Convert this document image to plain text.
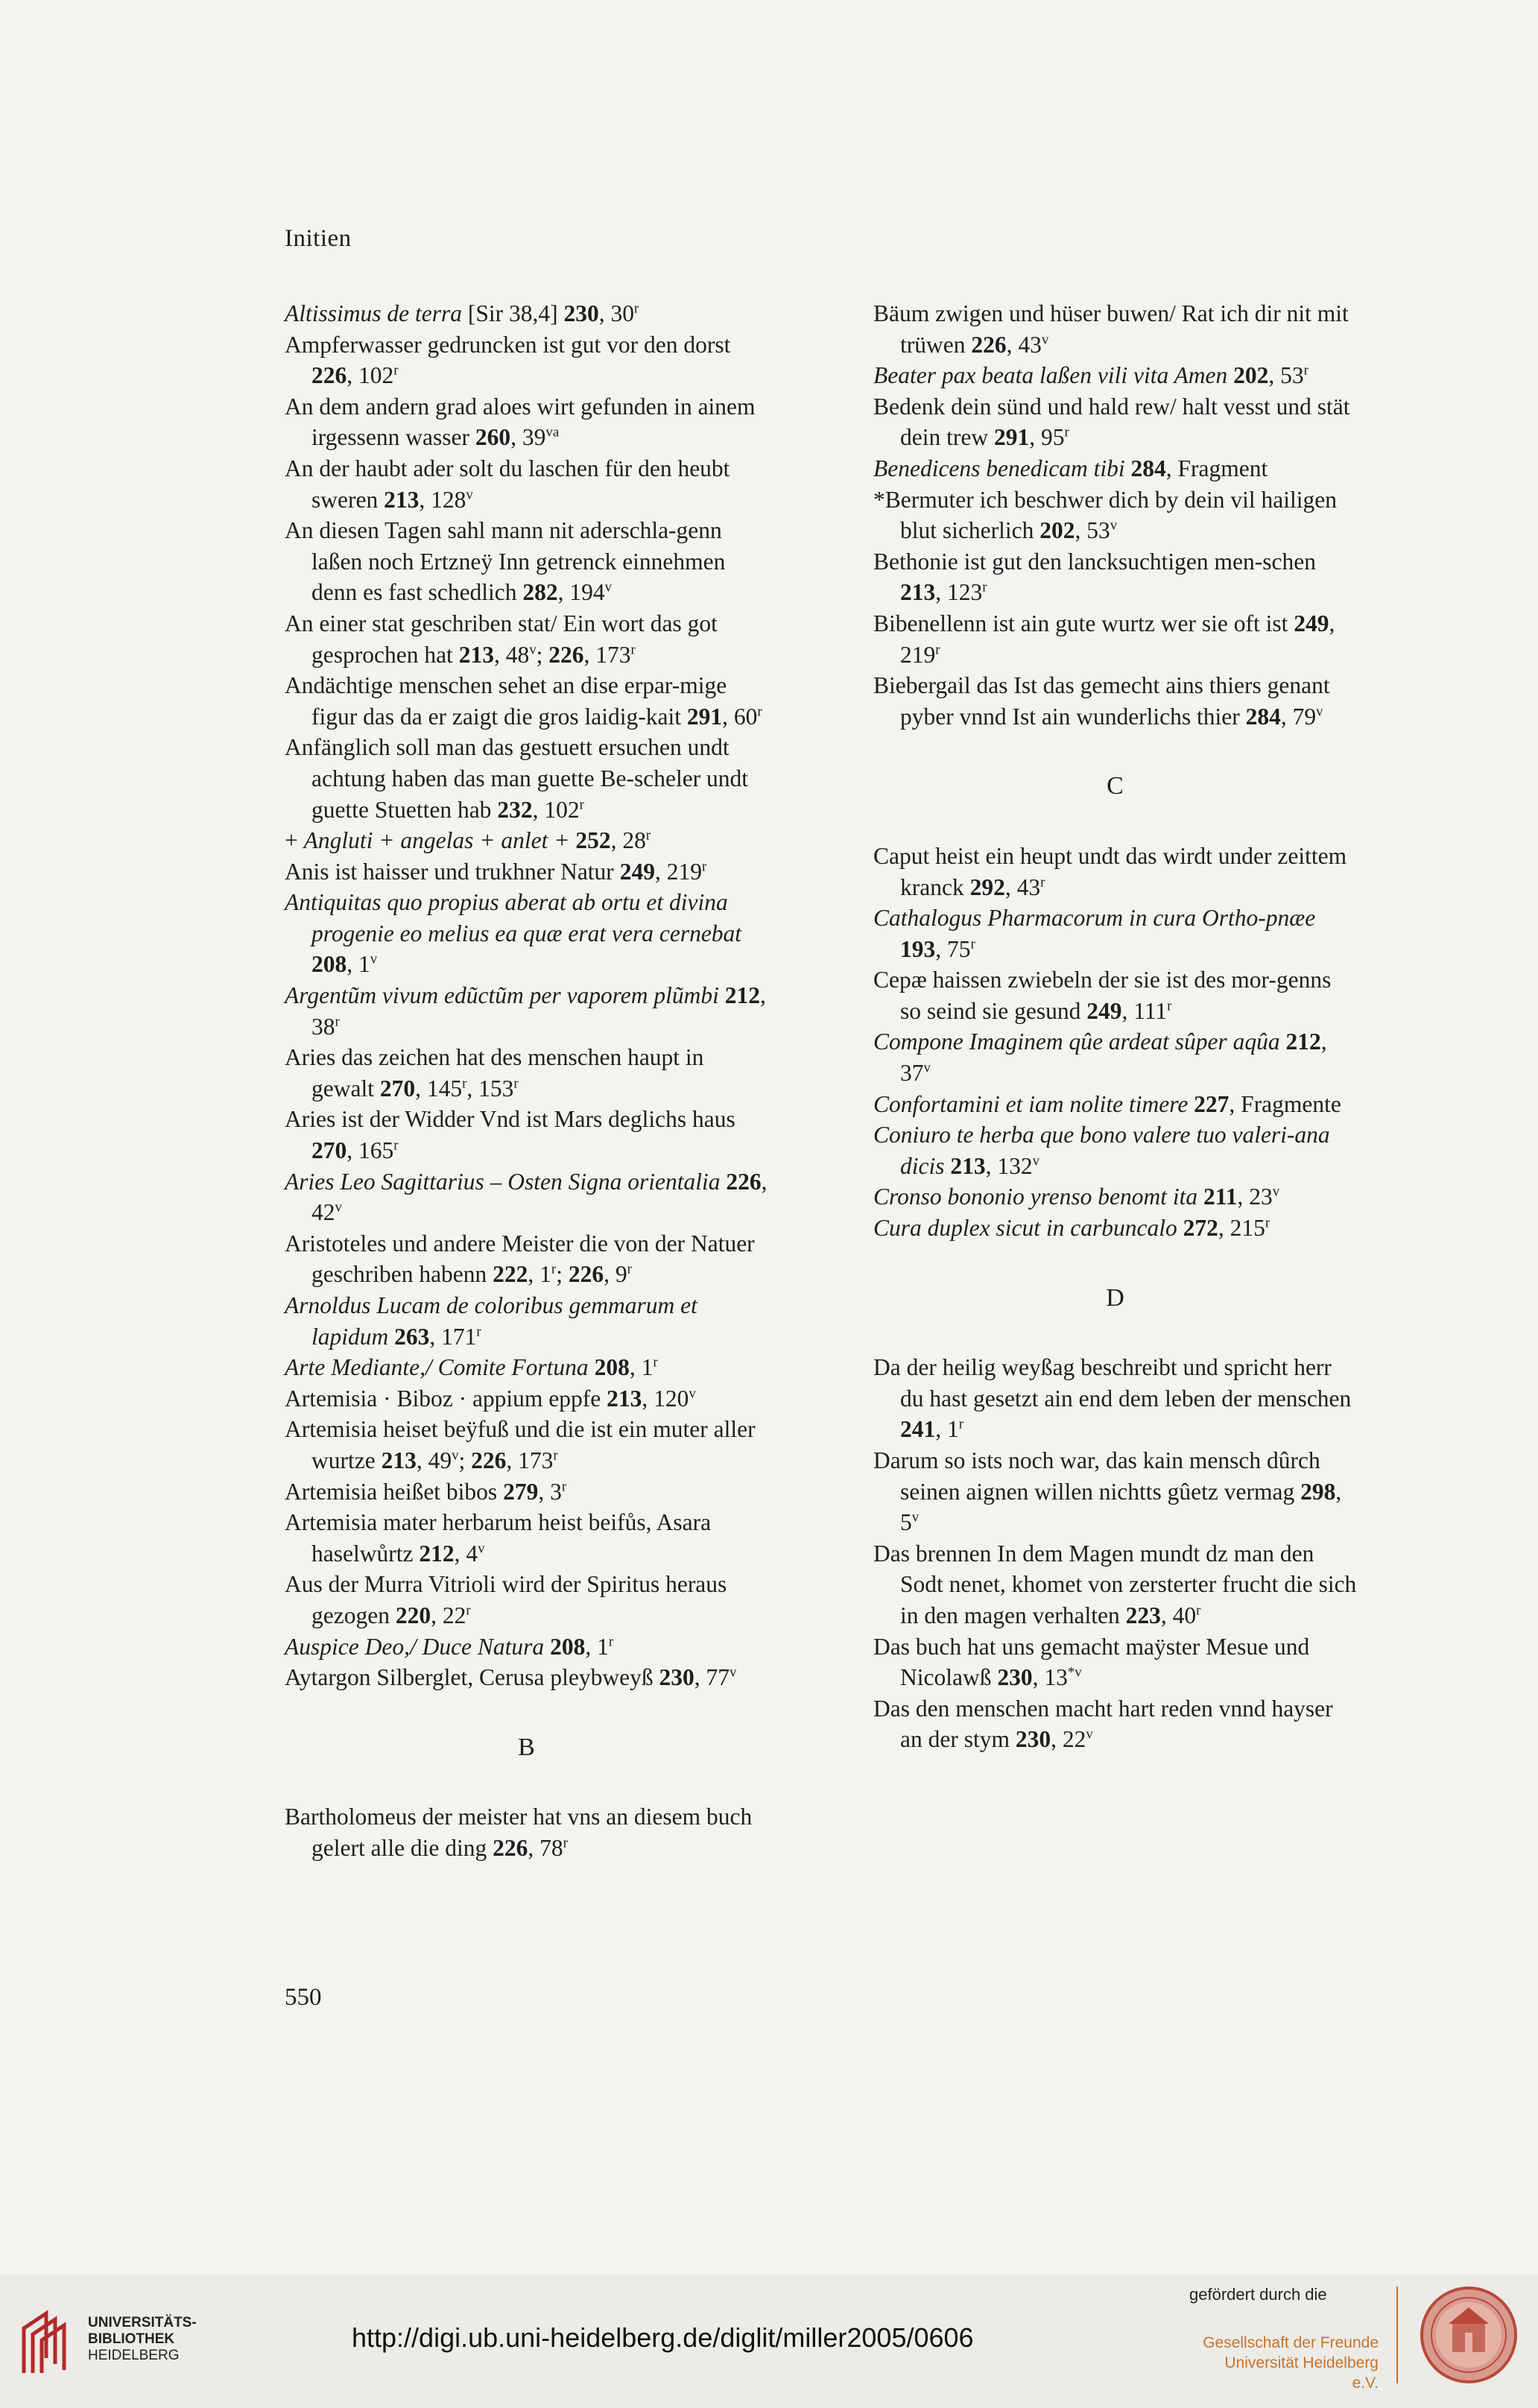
Initien

Altissimus de terra [Sir 38,4] 230, 30$^r$

Ampferwasser gedruncken ist gut vor den dorst 226, 102$^r$

An dem andern grad aloes wirt gefunden in ainem irgessenn wasser 260, $39^{va}$

An der haubt ader solt du laschen für den heubt sweren 213, 128$^v$

An diesen Tagen sahl mann nit aderschla-genn laßen noch Ertzneÿ Inn getrenck einnehmen denn es fast schedlich 282, 194$^v$

An einer stat geschriben stat/ Ein wort das got gesprochen hat 213, 48$^v$; 226, 173$^r$

Andächtige menschen sehet an dise erpar-mige figur das da er zaigt die gros laidig-kait 291, 60$^r$

Anfänglich soll man das gestuett ersuchen undt achtung haben das man guette Be-scheler undt guette Stuetten hab 232, 102$^r$

+ Angluti + angelas + anlet + 252, 28$^r$

Anis ist haisser und trukhner Natur 249, 219$^r$

Antiquitas quo propius aberat ab ortu et divina progenie eo melius ea quæ erat vera cernebat 208, 1$^v$

Argentũm vivum edũctũm per vaporem plũmbi 212, 38$^r$

Aries das zeichen hat des menschen haupt in gewalt 270, 145$^r$, 153$^r$

Aries ist der Widder Vnd ist Mars deglichs haus 270, 165$^r$

Aries Leo Sagittarius – Osten Signa orientalia 226, 42$^v$

Aristoteles und andere Meister die von der Natuer geschriben habenn 222, 1$^r$; 226, 9$^r$

Arnoldus Lucam de coloribus gemmarum et lapidum 263, 171$^r$

Arte Mediante,/ Comite Fortuna 208, 1$^r$

Artemisia · Biboz · appium eppfe 213, 120$^v$

Artemisia heiset beÿfuß und die ist ein muter aller wurtze 213, 49$^v$; 226, 173$^r$

Artemisia heißet bibos 279, 3$^r$

Artemisia mater herbarum heist beifůs, Asara haselwůrtz 212, 4$^v$

Aus der Murra Vitrioli wird der Spiritus heraus gezogen 220, 22$^r$

Auspice Deo,/ Duce Natura 208, 1$^r$

Aytargon Silberglet, Cerusa pleybweyß 230, 77$^v$

B

Bartholomeus der meister hat vns an diesem buch gelert alle die ding 226, 78$^r$

Bäum zwigen und hüser buwen/ Rat ich dir nit mit trüwen 226, 43$^v$

Beater pax beata laßen vili vita Amen 202, 53$^r$

Bedenk dein sünd und hald rew/ halt vesst und stät dein trew 291, 95$^r$

Benedicens benedicam tibi 284, Fragment

*Bermuter ich beschwer dich by dein vil hailigen blut sicherlich 202, 53$^v$

Bethonie ist gut den lancksuchtigen men-schen 213, 123$^r$

Bibenellenn ist ain gute wurtz wer sie oft ist 249, 219$^r$

Biebergail das Ist das gemecht ains thiers genant pyber vnnd Ist ain wunderlichs thier 284, 79$^v$

C

Caput heist ein heupt undt das wirdt under zeittem kranck 292, 43$^r$

Cathalogus Pharmacorum in cura Ortho-pnæe 193, 75$^r$

Cepæ haissen zwiebeln der sie ist des mor-genns so seind sie gesund 249, 111$^r$

Compone Imaginem qûe ardeat sûper aqûa 212, 37$^v$

Confortamini et iam nolite timere 227, Fragmente

Coniuro te herba que bono valere tuo valeri-ana dicis 213, 132$^v$

Cronso bononio yrenso benomt ita 211, 23$^v$

Cura duplex sicut in carbuncalo 272, 215$^r$

D

Da der heilig weyßag beschreibt und spricht herr du hast gesetzt ain end dem leben der menschen 241, 1$^r$

Darum so ists noch war, das kain mensch dûrch seinen aignen willen nichtts gûetz vermag 298, 5$^v$

Das brennen In dem Magen mundt dz man den Sodt nenet, khomet von zersterter frucht die sich in den magen verhalten 223, 40$^r$

Das buch hat uns gemacht maÿster Mesue und Nicolawß 230, 13$^{*v}$

Das den menschen macht hart reden vnnd hayser an der stym 230, 22$^v$

550
UNIVERSITÄTS-
BIBLIOTHEK
HEIDELBERG
http://digi.ub.uni-heidelberg.de/diglit/miller2005/0606
gefördert durch die
Gesellschaft der Freunde
Universität Heidelberg e.V.
